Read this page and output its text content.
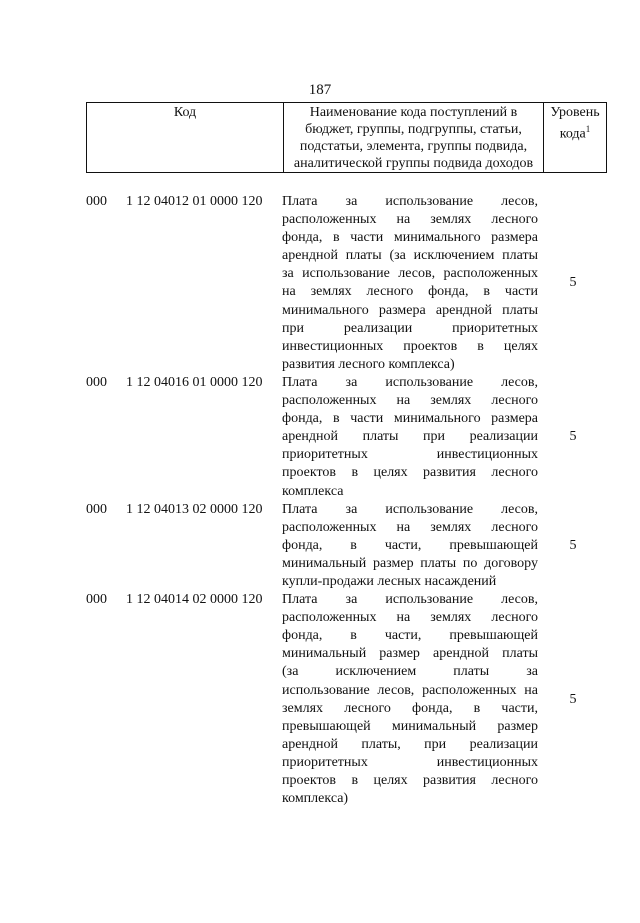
187
Код	Наименование кода поступлений в
бюджет, группы, подгруппы, статьи,
подстатьи, элемента, группы подвида,
аналитической группы подвида доходов

Уровень
кода$^1$
000	1 12 04012 01 0000 120	Плата за использование лесов,
расположенных на землях лесного
фонда, в части минимального размера
арендной платы (за исключением платы
за использование лесов, расположенных
на землях лесного фонда, в части
минимального размера арендной платы
при реализации приоритетных
инвестиционных проектов в целях
развития лесного комплекса)
5
000	1 12 04016 01 0000 120	Плата за использование лесов,
расположенных на землях лесного
фонда, в части минимального размера
арендной платы при реализации
приоритетных инвестиционных
проектов в целях развития лесного
комплекса
5
000	1 12 04013 02 0000 120	Плата за использование лесов,
расположенных на землях лесного
фонда, в части, превышающей
минимальный размер платы по договору
купли-продажи лесных насаждений
5
000	1 12 04014 02 0000 120	Плата за использование лесов,
расположенных на землях лесного
фонда, в части, превышающей
минимальный размер арендной платы
(за исключением платы за
использование лесов, расположенных на
землях лесного фонда, в части,
превышающей минимальный размер
арендной платы, при реализации
приоритетных инвестиционных
проектов в целях развития лесного
комплекса)
5
